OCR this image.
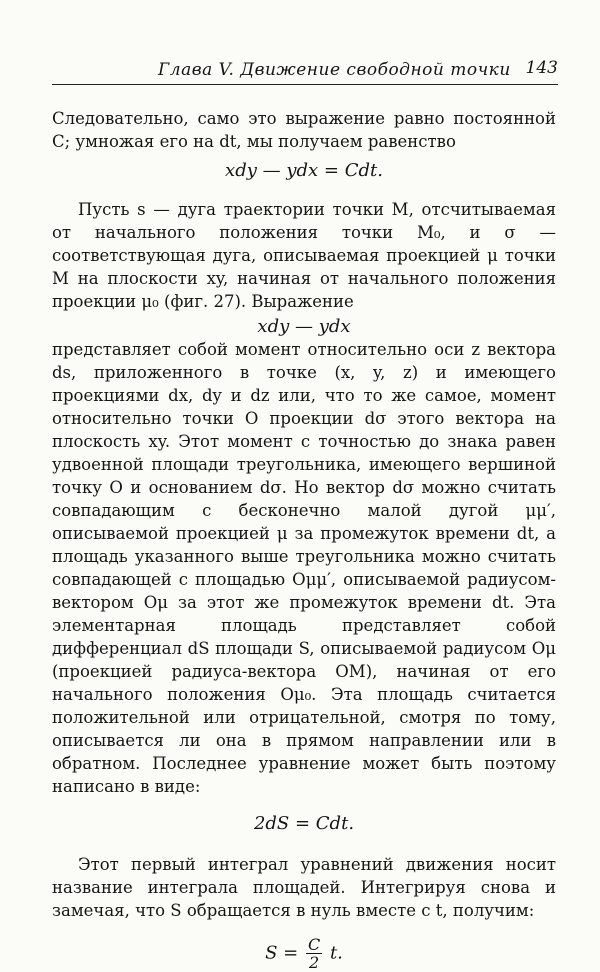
Глава V. Движение свободной точки 143

Следовательно, само это выражение равно постоянной C; умножая его на dt, мы получаем равенство

xdy — ydx = Cdt.

Пусть s — дуга траектории точки M, отсчитываемая от начального положения точки M₀, и σ — соответствующая дуга, описываемая проекцией μ точки M на плоскости xy, начиная от начального положения проекции μ₀ (фиг. 27). Выражение

xdy — ydx

представляет собой момент относительно оси z вектора ds, приложенного в точке (x, y, z) и имеющего проекциями dx, dy и dz или, что то же самое, момент относительно точки O проекции dσ этого вектора на плоскость xy. Этот момент с точностью до знака равен удвоенной площади треугольника, имеющего вершиной точку O и основанием dσ. Но вектор dσ можно считать совпадающим с бесконечно малой дугой μμ′, описываемой проекцией μ за промежуток времени dt, а площадь указанного выше треугольника можно считать совпадающей с площадью Oμμ′, описываемой радиусом-вектором Oμ за этот же промежуток времени dt. Эта элементарная площадь представляет собой дифференциал dS площади S, описываемой радиусом Oμ (проекцией радиуса-вектора OM), начиная от его начального положения Oμ₀. Эта площадь считается положительной или отрицательной, смотря по тому, описывается ли она в прямом направлении или в обратном. Последнее уравнение может быть поэтому написано в виде:

2dS = Cdt.

Этот первый интеграл уравнений движения носит название интеграла площадей. Интегрируя снова и замечая, что S обращается в нуль вместе с t, получим:

$S = \frac{C}{2} t$.
